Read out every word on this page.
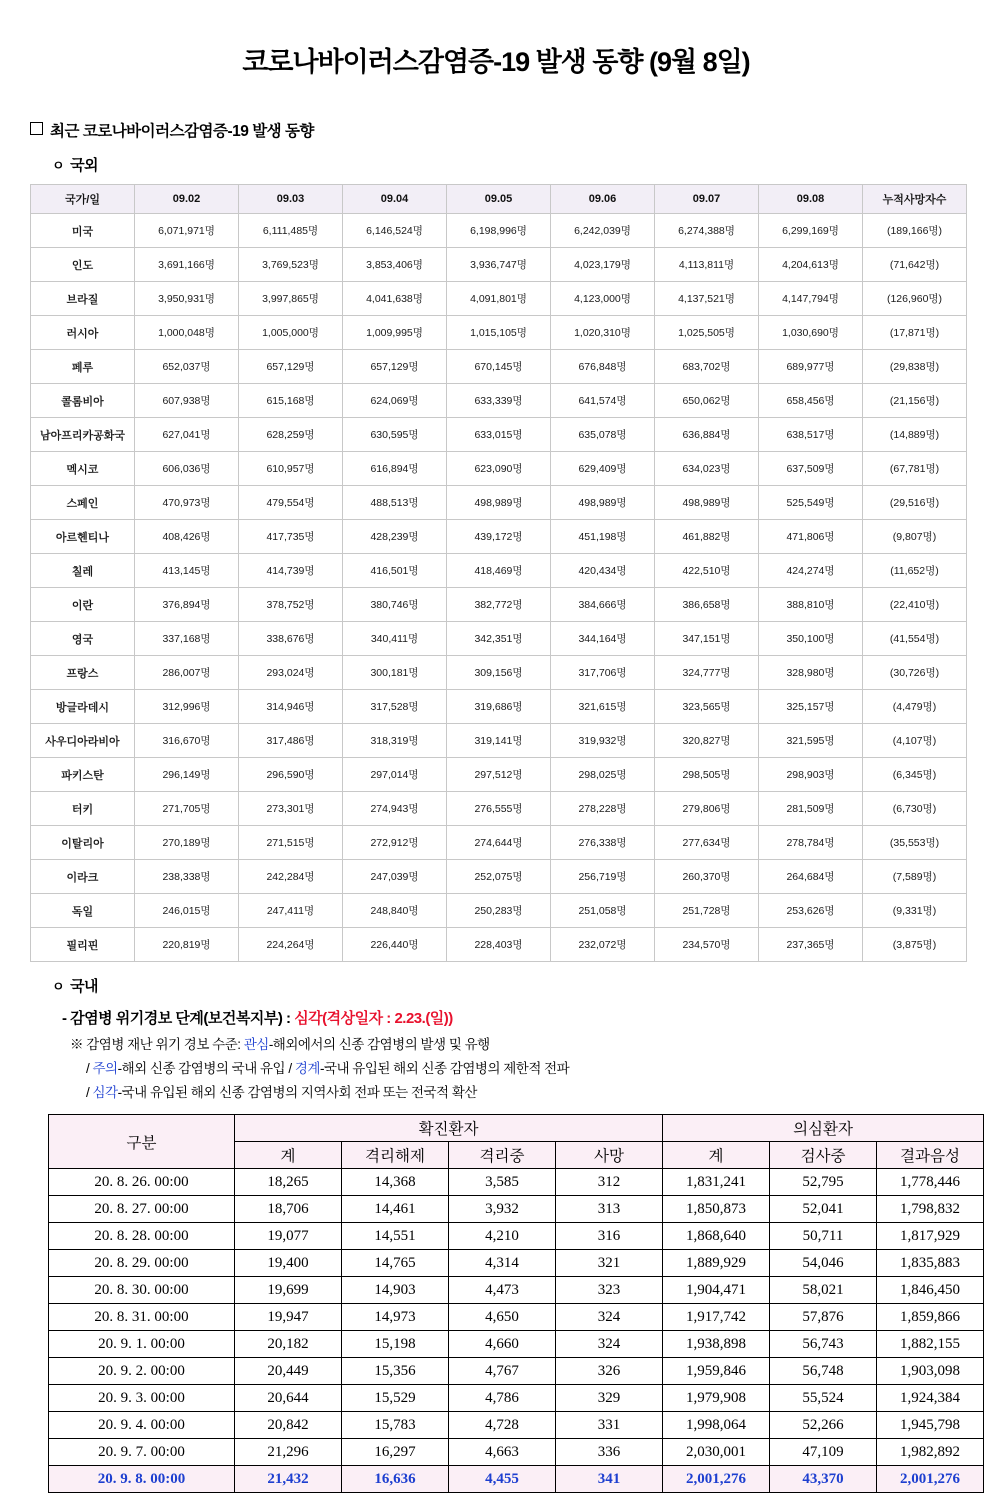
코로나바이러스감염증-19 발생 동향 (9월 8일)
최근 코로나바이러스감염증-19 발생 동향
ㅇ 국외
국가/일	09.02	09.03	09.04	09.05	09.06	09.07	09.08	누적사망자수
미국	6,071,971명	6,111,485명	6,146,524명	6,198,996명	6,242,039명	6,274,388명	6,299,169명	(189,166명)
인도	3,691,166명	3,769,523명	3,853,406명	3,936,747명	4,023,179명	4,113,811명	4,204,613명	(71,642명)
브라질	3,950,931명	3,997,865명	4,041,638명	4,091,801명	4,123,000명	4,137,521명	4,147,794명	(126,960명)
러시아	1,000,048명	1,005,000명	1,009,995명	1,015,105명	1,020,310명	1,025,505명	1,030,690명	(17,871명)
페루	652,037명	657,129명	657,129명	670,145명	676,848명	683,702명	689,977명	(29,838명)
콜롬비아	607,938명	615,168명	624,069명	633,339명	641,574명	650,062명	658,456명	(21,156명)
남아프리카공화국	627,041명	628,259명	630,595명	633,015명	635,078명	636,884명	638,517명	(14,889명)
멕시코	606,036명	610,957명	616,894명	623,090명	629,409명	634,023명	637,509명	(67,781명)
스페인	470,973명	479,554명	488,513명	498,989명	498,989명	498,989명	525,549명	(29,516명)
아르헨티나	408,426명	417,735명	428,239명	439,172명	451,198명	461,882명	471,806명	(9,807명)
칠레	413,145명	414,739명	416,501명	418,469명	420,434명	422,510명	424,274명	(11,652명)
이란	376,894명	378,752명	380,746명	382,772명	384,666명	386,658명	388,810명	(22,410명)
영국	337,168명	338,676명	340,411명	342,351명	344,164명	347,151명	350,100명	(41,554명)
프랑스	286,007명	293,024명	300,181명	309,156명	317,706명	324,777명	328,980명	(30,726명)
방글라데시	312,996명	314,946명	317,528명	319,686명	321,615명	323,565명	325,157명	(4,479명)
사우디아라비아	316,670명	317,486명	318,319명	319,141명	319,932명	320,827명	321,595명	(4,107명)
파키스탄	296,149명	296,590명	297,014명	297,512명	298,025명	298,505명	298,903명	(6,345명)
터키	271,705명	273,301명	274,943명	276,555명	278,228명	279,806명	281,509명	(6,730명)
이탈리아	270,189명	271,515명	272,912명	274,644명	276,338명	277,634명	278,784명	(35,553명)
이라크	238,338명	242,284명	247,039명	252,075명	256,719명	260,370명	264,684명	(7,589명)
독일	246,015명	247,411명	248,840명	250,283명	251,058명	251,728명	253,626명	(9,331명)
필리핀	220,819명	224,264명	226,440명	228,403명	232,072명	234,570명	237,365명	(3,875명)
ㅇ 국내
- 감염병 위기경보 단계(보건복지부) : 심각(격상일자 : 2.23.(일))
※ 감염병 재난 위기 경보 수준: 관심-해외에서의 신종 감염병의 발생 및 유행
/ 주의-해외 신종 감염병의 국내 유입 / 경계-국내 유입된 해외 신종 감염병의 제한적 전파
/ 심각-국내 유입된 해외 신종 감염병의 지역사회 전파 또는 전국적 확산
구분	확진환자				의심환자		
	계	격리해제	격리중	사망	계	검사중	결과음성
20. 8. 26. 00:00	18,265	14,368	3,585	312	1,831,241	52,795	1,778,446
20. 8. 27. 00:00	18,706	14,461	3,932	313	1,850,873	52,041	1,798,832
20. 8. 28. 00:00	19,077	14,551	4,210	316	1,868,640	50,711	1,817,929
20. 8. 29. 00:00	19,400	14,765	4,314	321	1,889,929	54,046	1,835,883
20. 8. 30. 00:00	19,699	14,903	4,473	323	1,904,471	58,021	1,846,450
20. 8. 31. 00:00	19,947	14,973	4,650	324	1,917,742	57,876	1,859,866
20. 9. 1. 00:00	20,182	15,198	4,660	324	1,938,898	56,743	1,882,155
20. 9. 2. 00:00	20,449	15,356	4,767	326	1,959,846	56,748	1,903,098
20. 9. 3. 00:00	20,644	15,529	4,786	329	1,979,908	55,524	1,924,384
20. 9. 4. 00:00	20,842	15,783	4,728	331	1,998,064	52,266	1,945,798
20. 9. 7. 00:00	21,296	16,297	4,663	336	2,030,001	47,109	1,982,892
20. 9. 8. 00:00	21,432	16,636	4,455	341	2,001,276	43,370	2,001,276
